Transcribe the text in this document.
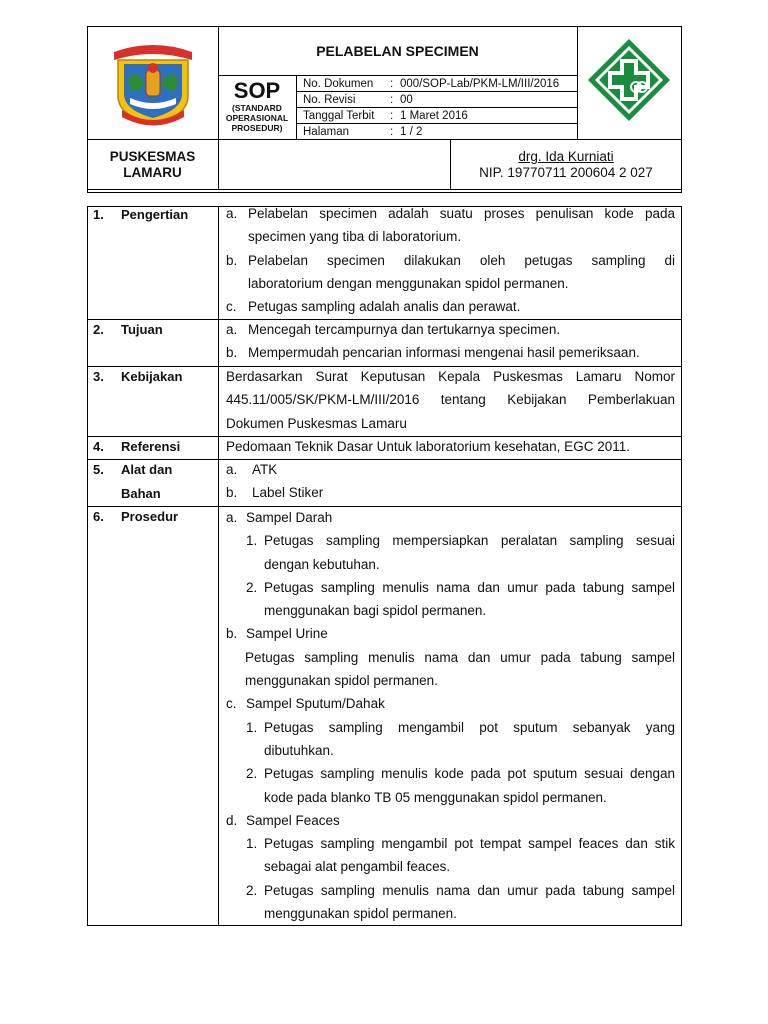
PELABELAN SPECIMEN
SOP
(STANDARD
OPERASIONAL
PROSEDUR)
No. Dokumen : 000/SOP-Lab/PKM-LM/III/2016
No. Revisi	: 00
Tanggal Terbit : 1 Maret 2016
Halaman	: 1 / 2
PUSKESMAS
LAMARU
drg. Ida Kurniati
NIP. 19770711 200604 2 027
1. Pengertian	a. Pelabelan specimen adalah suatu proses penulisan kode pada
specimen yang tiba di laboratorium.
b. Pelabelan specimen dilakukan oleh petugas sampling di
laboratorium dengan menggunakan spidol permanen.
c. Petugas sampling adalah analis dan perawat.
2. Tujuan	a. Mencegah tercampurnya dan tertukarnya specimen.
b. Mempermudah pencarian informasi mengenai hasil pemeriksaan.
3. Kebijakan	Berdasarkan Surat Keputusan Kepala Puskesmas Lamaru Nomor
445.11/005/SK/PKM-LM/III/2016 tentang Kebijakan Pemberlakuan
Dokumen Puskesmas Lamaru
4. Referensi	Pedomaan Teknik Dasar Untuk laboratorium kesehatan, EGC 2011.
5. Alat dan
Bahan
a.	ATK
b.	Label Stiker
6. Prosedur	a. Sampel Darah
1. Petugas sampling mempersiapkan peralatan sampling sesuai
dengan kebutuhan.
2. Petugas sampling menulis nama dan umur pada tabung sampel
menggunakan bagi spidol permanen.
b. Sampel Urine
Petugas sampling menulis nama dan umur pada tabung sampel
menggunakan spidol permanen.
c. Sampel Sputum/Dahak
1. Petugas sampling mengambil pot sputum sebanyak yang
dibutuhkan.
2. Petugas sampling menulis kode pada pot sputum sesuai dengan
kode pada blanko TB 05 menggunakan spidol permanen.
d. Sampel Feaces
1. Petugas sampling mengambil pot tempat sampel feaces dan stik
sebagai alat pengambil feaces.
2. Petugas sampling menulis nama dan umur pada tabung sampel
menggunakan spidol permanen.
